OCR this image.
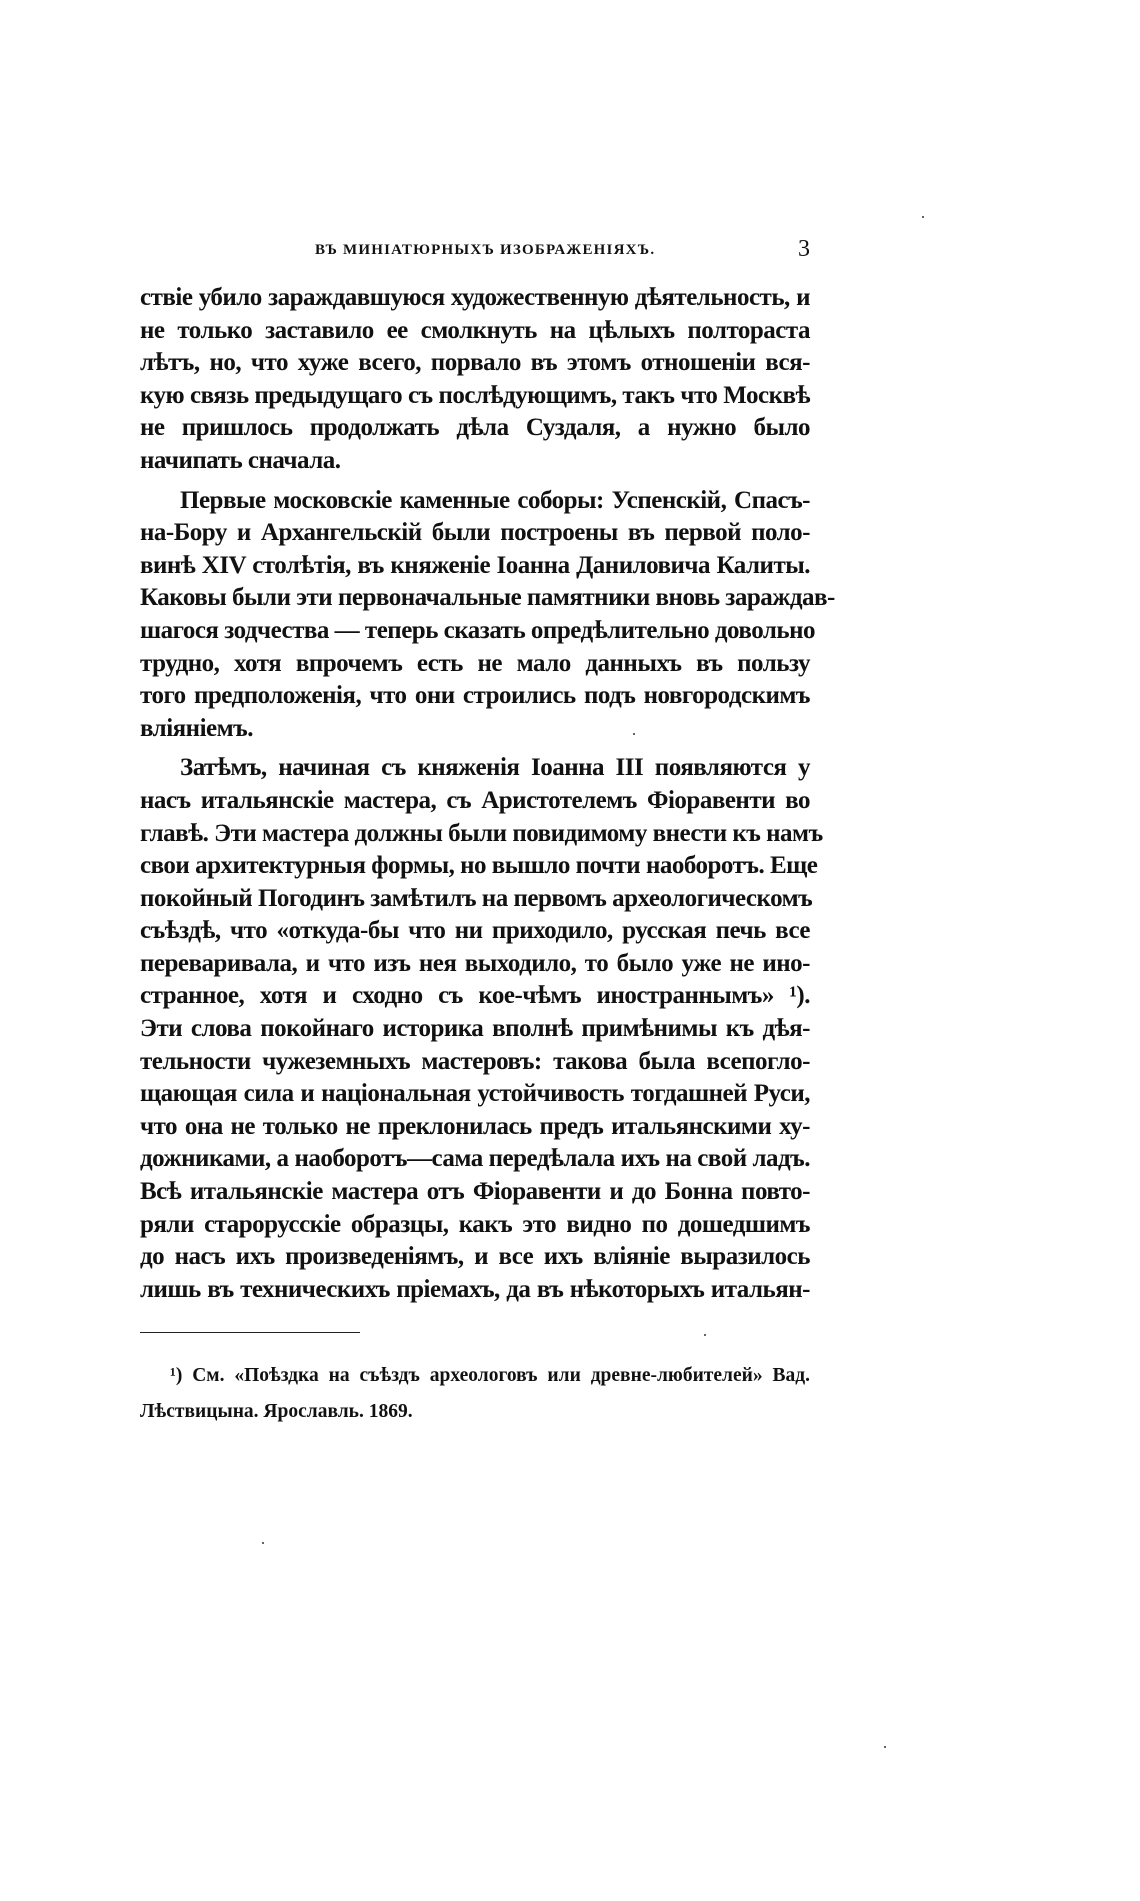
ВЪ МИНІАТЮРНЫХЪ ИЗОБРАЖЕНІЯХЪ.	3
ствіе убило зараждавшуюся художественную дѣятельность, и
не только заставило ее смолкнуть на цѣлыхъ полтораста
лѣтъ, но, что хуже всего, порвало въ этомъ отношеніи вся-
кую связь предыдущаго съ послѣдующимъ, такъ что Москвѣ
не пришлось продолжать дѣла Суздаля, а нужно было
начипать сначала.
Первые московскіе каменные соборы: Успенскій, Спасъ-
на-Бору и Архангельскій были построены въ первой поло-
винѣ XIV столѣтія, въ княженіе Іоанна Даниловича Калиты.
Каковы были эти первоначальные памятники вновь зараждав-
шагося зодчества — теперь сказать опредѣлительно довольно
трудно, хотя впрочемъ есть не мало данныхъ въ пользу
того предположенія, что они строились подъ новгородскимъ
вліяніемъ.
Затѣмъ, начиная съ княженія Іоанна III появляются у
насъ итальянскіе мастера, съ Аристотелемъ Фіоравенти во
главѣ. Эти мастера должны были повидимому внести къ намъ
свои архитектурныя формы, но вышло почти наоборотъ. Еще
покойный Погодинъ замѣтилъ на первомъ археологическомъ
съѣздѣ, что «откуда-бы что ни приходило, русская печь все
переваривала, и что изъ нея выходило, то было уже не ино-
странное, хотя и сходно съ кое-чѣмъ иностраннымъ» ¹).
Эти слова покойнаго историка вполнѣ примѣнимы къ дѣя-
тельности чужеземныхъ мастеровъ: такова была всепогло-
щающая сила и національная устойчивость тогдашней Руси,
что она не только не преклонилась предъ итальянскими ху-
дожниками, а наоборотъ—сама передѣлала ихъ на свой ладъ.
Всѣ итальянскіе мастера отъ Фіоравенти и до Бонна повто-
ряли старорусскіе образцы, какъ это видно по дошедшимъ
до насъ ихъ произведеніямъ, и все ихъ вліяніе выразилось
лишь въ техническихъ пріемахъ, да въ нѣкоторыхъ итальян-
¹) См. «Поѣздка на съѣздъ археологовъ или древне-любителей» Вад.
Лѣствицына. Ярославль. 1869.
